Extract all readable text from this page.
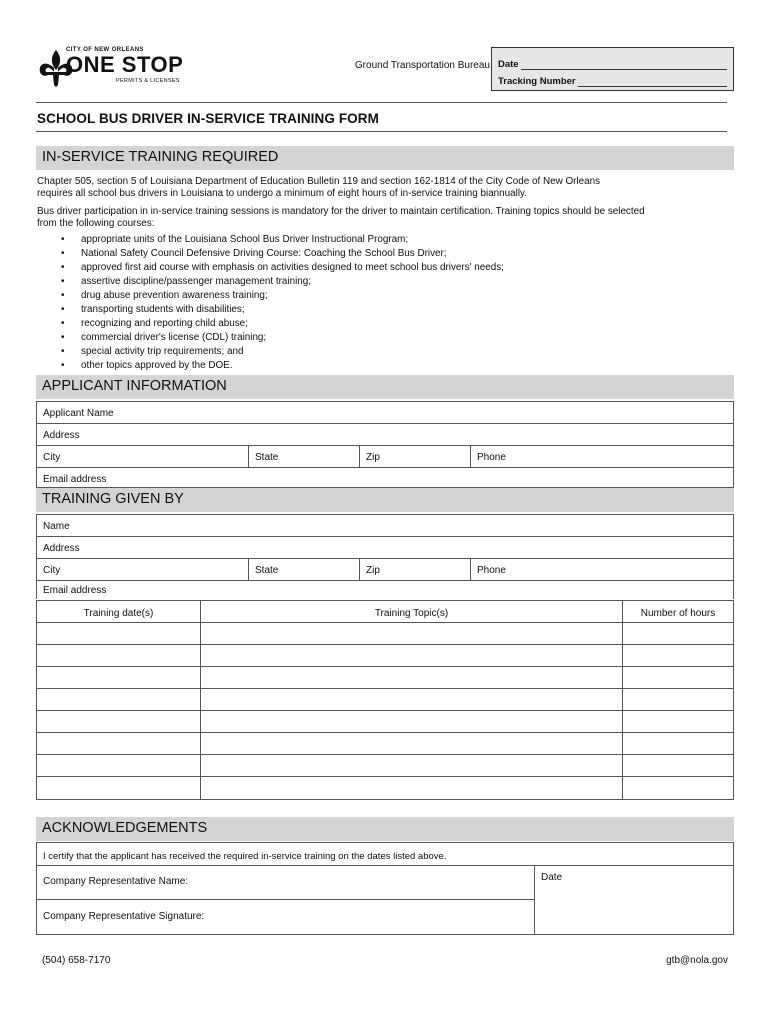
CITY OF NEW ORLEANS
ONE STOP
PERMITS & LICENSES
Ground Transportation Bureau Date
Tracking Number
SCHOOL BUS DRIVER IN-SERVICE TRAINING FORM
IN-SERVICE TRAINING REQUIRED
Chapter 505, section 5 of Louisiana Department of Education Bulletin 119 and section 162-1814 of the City Code of New Orleans
requires all school bus drivers in Louisiana to undergo a minimum of eight hours of in-service training biannually.
Bus driver participation in in-service training sessions is mandatory for the driver to maintain certification. Training topics should be selected
from the following courses:
• appropriate units of the Louisiana School Bus Driver Instructional Program;
• National Safety Council Defensive Driving Course: Coaching the School Bus Driver;
• approved first aid course with emphasis on activities designed to meet school bus drivers' needs;
• assertive discipline/passenger management training;
• drug abuse prevention awareness training;
• transporting students with disabilities;
• recognizing and reporting child abuse;
• commercial driver's license (CDL) training;
• special activity trip requirements; and
• other topics approved by the DOE.
APPLICANT INFORMATION
Applicant Name
Address
City	State	Zip	Phone
Email address
TRAINING GIVEN BY
Name
Address
City	State	Zip	Phone
Email address
Training date(s)	Training Topic(s)	Number of hours
ACKNOWLEDGEMENTS
I certify that the applicant has received the required in-service training on the dates listed above.
Company Representative Name:
Company Representative Signature:
Date
(504) 658-7170	gtb@nola.gov
